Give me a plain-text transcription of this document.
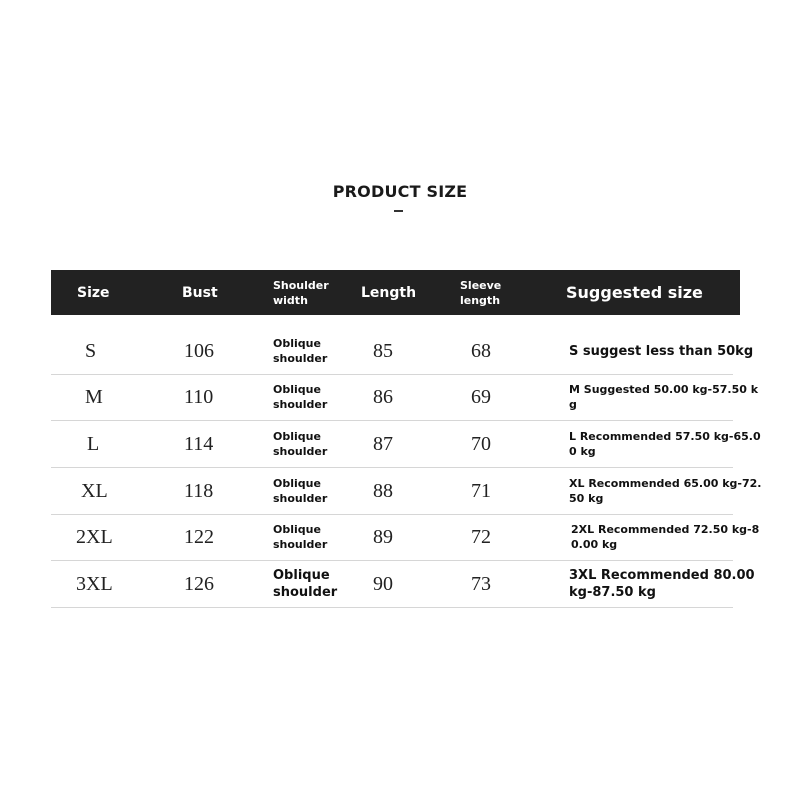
PRODUCT SIZE
Size	Bust	Shoulder width	Length	Sleeve length	Suggested size
S	106	Oblique shoulder	85	68	S suggest less than 50kg
M	110	Oblique shoulder	86	69	M Suggested 50.00 kg-57.50 kg
L	114	Oblique shoulder	87	70	L Recommended 57.50 kg-65.00 kg
XL	118	Oblique shoulder	88	71	XL Recommended 65.00 kg-72.50 kg
2XL	122	Oblique shoulder	89	72	2XL Recommended 72.50 kg-80.00 kg
3XL	126	Oblique shoulder	90	73	3XL Recommended 80.00 kg-87.50 kg
